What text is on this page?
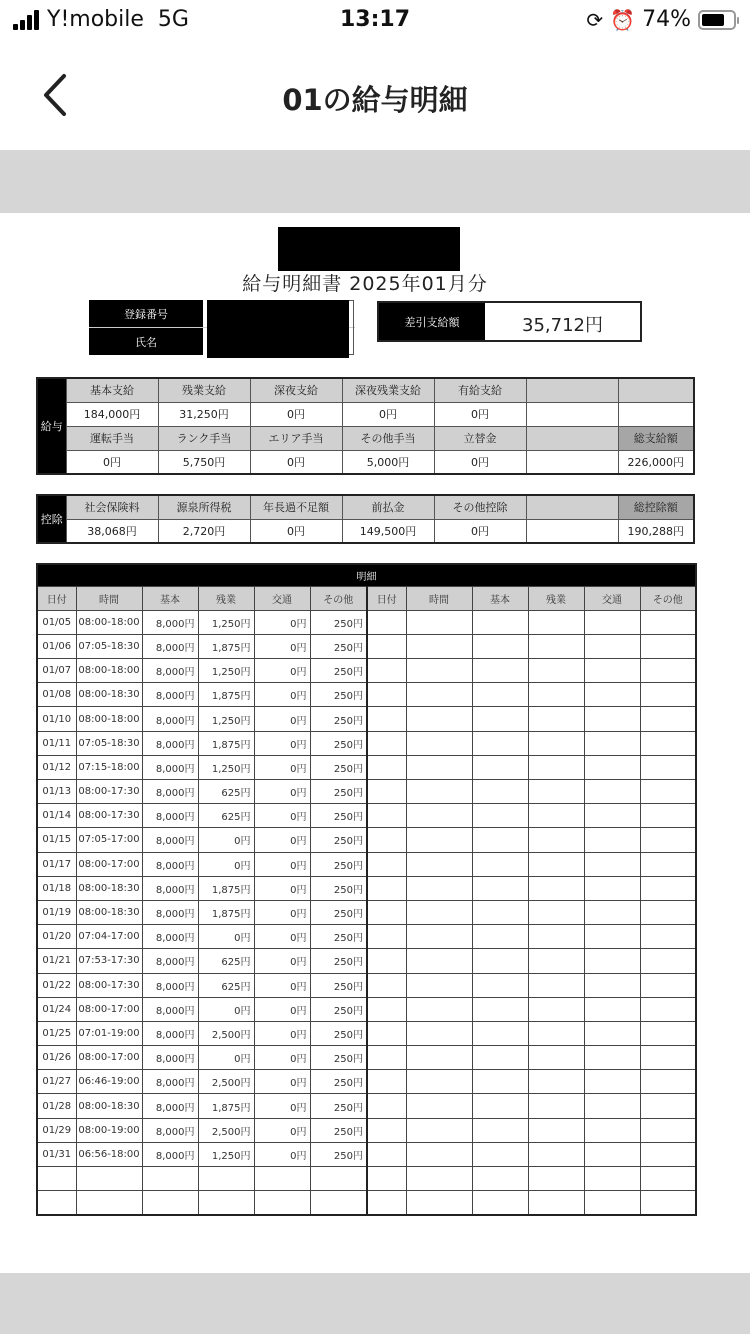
Y!mobile 5G	13:17	⟳ ⏰ 74%
01の給与明細
給与明細書 2025年01月分
登録番号
氏名
差引支給額	35,712円
給与	基本支給	残業支給	深夜支給	深夜残業支給	有給支給		
	184,000円	31,250円	0円	0円	0円		
	運転手当	ランク手当	エリア手当	その他手当	立替金		総支給額
	0円	5,750円	0円	5,000円	0円		226,000円
控除	社会保険料	源泉所得税	年長過不足額	前払金	その他控除		総控除額
	38,068円	2,720円	0円	149,500円	0円		190,288円
明細											
日付	時間	基本	残業	交通	その他	日付	時間	基本	残業	交通	その他
01/05	08:00-18:00	8,000円	1,250円	0円	250円						
01/06	07:05-18:30	8,000円	1,875円	0円	250円						
01/07	08:00-18:00	8,000円	1,250円	0円	250円						
01/08	08:00-18:30	8,000円	1,875円	0円	250円						
01/10	08:00-18:00	8,000円	1,250円	0円	250円						
01/11	07:05-18:30	8,000円	1,875円	0円	250円						
01/12	07:15-18:00	8,000円	1,250円	0円	250円						
01/13	08:00-17:30	8,000円	625円	0円	250円						
01/14	08:00-17:30	8,000円	625円	0円	250円						
01/15	07:05-17:00	8,000円	0円	0円	250円						
01/17	08:00-17:00	8,000円	0円	0円	250円						
01/18	08:00-18:30	8,000円	1,875円	0円	250円						
01/19	08:00-18:30	8,000円	1,875円	0円	250円						
01/20	07:04-17:00	8,000円	0円	0円	250円						
01/21	07:53-17:30	8,000円	625円	0円	250円						
01/22	08:00-17:30	8,000円	625円	0円	250円						
01/24	08:00-17:00	8,000円	0円	0円	250円						
01/25	07:01-19:00	8,000円	2,500円	0円	250円						
01/26	08:00-17:00	8,000円	0円	0円	250円						
01/27	06:46-19:00	8,000円	2,500円	0円	250円						
01/28	08:00-18:30	8,000円	1,875円	0円	250円						
01/29	08:00-19:00	8,000円	2,500円	0円	250円						
01/31	06:56-18:00	8,000円	1,250円	0円	250円						
